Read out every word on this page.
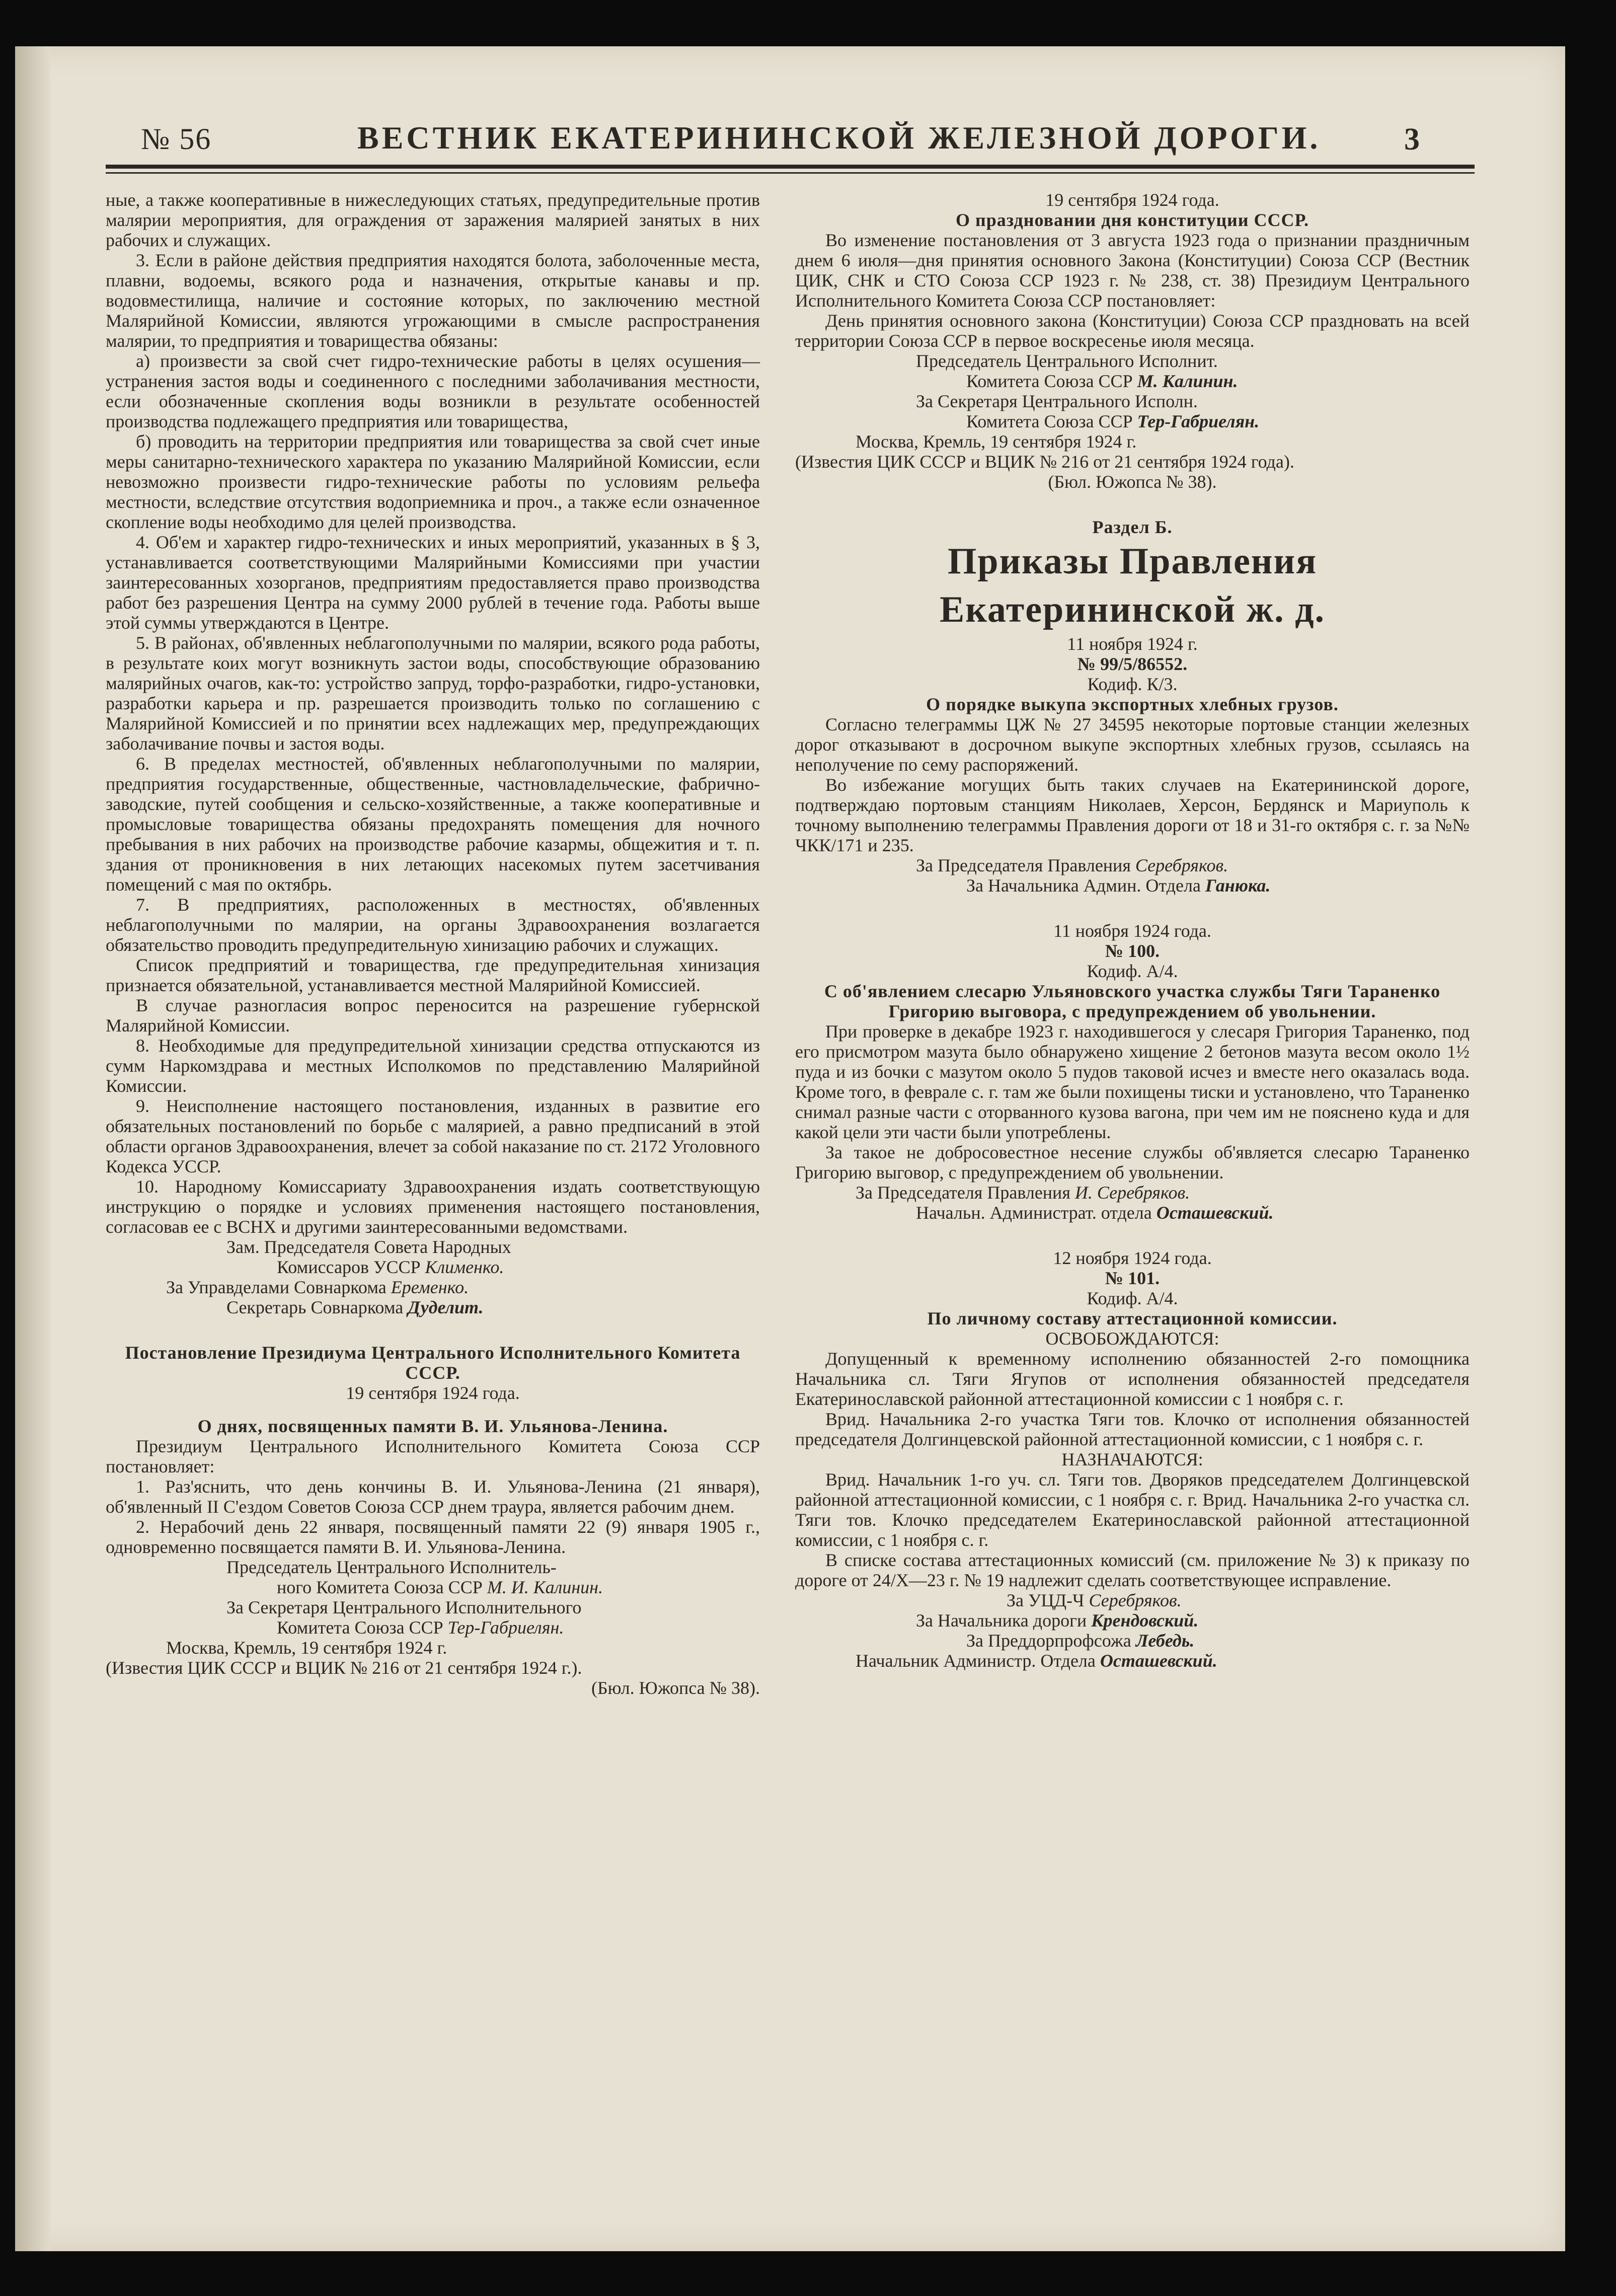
№ 56	ВЕСТНИК ЕКАТЕРИНИНСКОЙ ЖЕЛЕЗНОЙ ДОРОГИ.	3

ные, а также кооперативные в нижеследующих статьях, предупредительные против малярии мероприятия, для ограждения от заражения малярией занятых в них рабочих и служащих.

3. Если в районе действия предприятия находятся болота, заболоченные места, плавни, водоемы, всякого рода и назначения, открытые канавы и пр. водовместилища, наличие и состояние которых, по заключению местной Малярийной Комиссии, являются угрожающими в смысле распространения малярии, то предприятия и товарищества обязаны:

а) произвести за свой счет гидро-технические работы в целях осушения—устранения застоя воды и соединенного с последними заболачивания местности, если обозначенные скопления воды возникли в результате особенностей производства подлежащего предприятия или товарищества,

б) проводить на территории предприятия или товарищества за свой счет иные меры санитарно-технического характера по указанию Малярийной Комиссии, если невозможно произвести гидро-технические работы по условиям рельефа местности, вследствие отсутствия водоприемника и проч., а также если означенное скопление воды необходимо для целей производства.

4. Об'ем и характер гидро-технических и иных мероприятий, указанных в § 3, устанавливается соответствующими Малярийными Комиссиями при участии заинтересованных хозорганов, предприятиям предоставляется право производства работ без разрешения Центра на сумму 2000 рублей в течение года. Работы выше этой суммы утверждаются в Центре.

5. В районах, об'явленных неблагополучными по малярии, всякого рода работы, в результате коих могут возникнуть застои воды, способствующие образованию малярийных очагов, как-то: устройство запруд, торфо-разработки, гидро-установки, разработки карьера и пр. разрешается производить только по соглашению с Малярийной Комиссией и по принятии всех надлежащих мер, предупреждающих заболачивание почвы и застоя воды.

6. В пределах местностей, об'явленных неблагополучными по малярии, предприятия государственные, общественные, частновладельческие, фабрично-заводские, путей сообщения и сельско-хозяйственные, а также кооперативные и промысловые товарищества обязаны предохранять помещения для ночного пребывания в них рабочих на производстве рабочие казармы, общежития и т. п. здания от проникновения в них летающих насекомых путем засетчивания помещений с мая по октябрь.

7. В предприятиях, расположенных в местностях, об'явленных неблагополучными по малярии, на органы Здравоохранения возлагается обязательство проводить предупредительную хинизацию рабочих и служащих.

Список предприятий и товарищества, где предупредительная хинизация признается обязательной, устанавливается местной Малярийной Комиссией.

В случае разногласия вопрос переносится на разрешение губернской Малярийной Комиссии.

8. Необходимые для предупредительной хинизации средства отпускаются из сумм Наркомздрава и местных Исполкомов по представлению Малярийной Комиссии.

9. Неисполнение настоящего постановления, изданных в развитие его обязательных постановлений по борьбе с малярией, а равно предписаний в этой области органов Здравоохранения, влечет за собой наказание по ст. 2172 Уголовного Кодекса УССР.

10. Народному Комиссариату Здравоохранения издать соответствующую инструкцию о порядке и условиях применения настоящего постановления, согласовав ее с ВСНХ и другими заинтересованными ведомствами.

Зам. Председателя Совета Народных

Комиссаров УССР Клименко.

За Управделами Совнаркома Еременко.

Секретарь Совнаркома Дуделит.

Постановление Президиума Центрального Исполнительного Комитета СССР.

19 сентября 1924 года.

О днях, посвященных памяти В. И. Ульянова-Ленина.

Президиум Центрального Исполнительного Комитета Союза ССР постановляет:

1. Раз'яснить, что день кончины В. И. Ульянова-Ленина (21 января), об'явленный II С'ездом Советов Союза ССР днем траура, является рабочим днем.

2. Нерабочий день 22 января, посвященный памяти 22 (9) января 1905 г., одновременно посвящается памяти В. И. Ульянова-Ленина.

Председатель Центрального Исполнитель-

ного Комитета Союза ССР М. И. Калинин.

За Секретаря Центрального Исполнительного

Комитета Союза ССР Тер-Габриелян.

Москва, Кремль, 19 сентября 1924 г.

(Известия ЦИК СССР и ВЦИК № 216 от 21 сентября 1924 г.).

(Бюл. Южопса № 38).

19 сентября 1924 года.

О праздновании дня конституции СССР.

Во изменение постановления от 3 августа 1923 года о признании праздничным днем 6 июля—дня принятия основного Закона (Конституции) Союза ССР (Вестник ЦИК, СНК и СТО Союза ССР 1923 г. № 238, ст. 38) Президиум Центрального Исполнительного Комитета Союза ССР постановляет:

День принятия основного закона (Конституции) Союза ССР праздновать на всей территории Союза ССР в первое воскресенье июля месяца.

Председатель Центрального Исполнит.

Комитета Союза ССР М. Калинин.

За Секретаря Центрального Исполн.

Комитета Союза ССР Тер-Габриелян.

Москва, Кремль, 19 сентября 1924 г.

(Известия ЦИК СССР и ВЦИК № 216 от 21 сентября 1924 года).

(Бюл. Южопса № 38).

Раздел Б.

Приказы Правления Екатерининской ж. д.

11 ноября 1924 г.

№ 99/5/86552.

Кодиф. К/3.

О порядке выкупа экспортных хлебных грузов.

Согласно телеграммы ЦЖ № 27 34595 некоторые портовые станции железных дорог отказывают в досрочном выкупе экспортных хлебных грузов, ссылаясь на неполучение по сему распоряжений.

Во избежание могущих быть таких случаев на Екатерининской дороге, подтверждаю портовым станциям Николаев, Херсон, Бердянск и Мариуполь к точному выполнению телеграммы Правления дороги от 18 и 31-го октября с. г. за №№ ЧКК/171 и 235.

За Председателя Правления Серебряков.

За Начальника Админ. Отдела Ганюка.

11 ноября 1924 года.

№ 100.

Кодиф. А/4.

С об'явлением слесарю Ульяновского участка службы Тяги Тараненко Григорию выговора, с предупреждением об увольнении.

При проверке в декабре 1923 г. находившегося у слесаря Григория Тараненко, под его присмотром мазута было обнаружено хищение 2 бетонов мазута весом около 1½ пуда и из бочки с мазутом около 5 пудов таковой исчез и вместе него оказалась вода. Кроме того, в феврале с. г. там же были похищены тиски и установлено, что Тараненко снимал разные части с оторванного кузова вагона, при чем им не пояснено куда и для какой цели эти части были употреблены.

За такое не добросовестное несение службы об'является слесарю Тараненко Григорию выговор, с предупреждением об увольнении.

За Председателя Правления И. Серебряков.

Начальн. Администрат. отдела Осташевский.

12 ноября 1924 года.

№ 101.

Кодиф. А/4.

По личному составу аттестационной комиссии.

ОСВОБОЖДАЮТСЯ:

Допущенный к временному исполнению обязанностей 2-го помощника Начальника сл. Тяги Ягупов от исполнения обязанностей председателя Екатеринославской районной аттестационной комиссии с 1 ноября с. г.

Врид. Начальника 2-го участка Тяги тов. Клочко от исполнения обязанностей председателя Долгинцевской районной аттестационной комиссии, с 1 ноября с. г.

НАЗНАЧАЮТСЯ:

Врид. Начальник 1-го уч. сл. Тяги тов. Дворяков председателем Долгинцевской районной аттестационной комиссии, с 1 ноября с. г. Врид. Начальника 2-го участка сл. Тяги тов. Клочко председателем Екатеринославской районной аттестационной комиссии, с 1 ноября с. г.

В списке состава аттестационных комиссий (см. приложение № 3) к приказу по дороге от 24/X—23 г. № 19 надлежит сделать соответствующее исправление.

За УЦД-Ч Серебряков.

За Начальника дороги Крендовский.

За Преддорпрофсожа Лебедь.

Начальник Администр. Отдела Осташевский.
